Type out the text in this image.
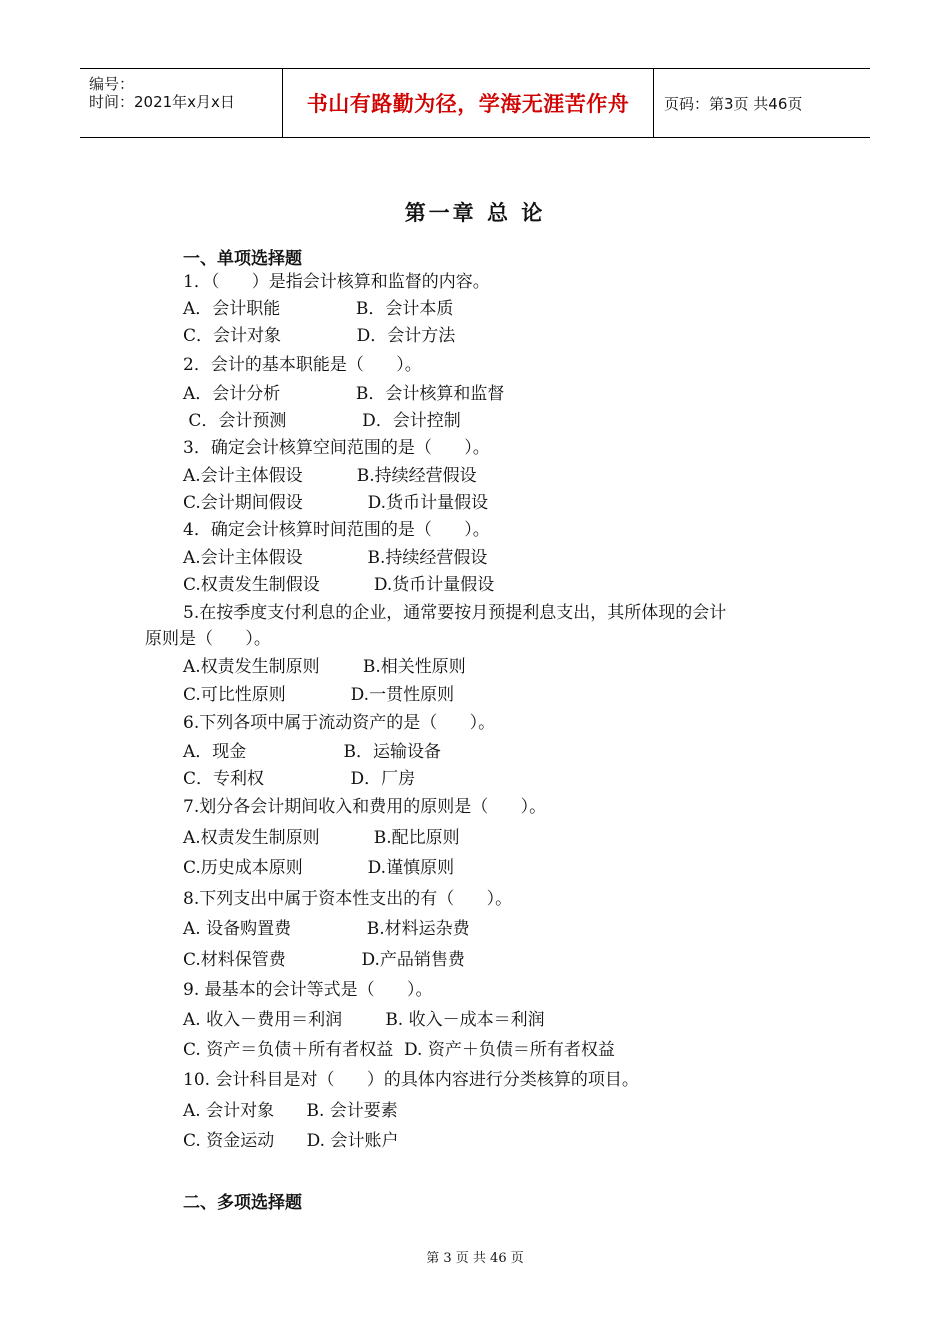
编号：
时间：2021年x月x日	书山有路勤为径，学海无涯苦作舟 页码：第3页 共46页
第一章 总 论
一、单项选择题
1．（      ）是指会计核算和监督的内容。
A．会计职能              B．会计本质
C．会计对象              D．会计方法
2．会计的基本职能是（      ）。
A．会计分析              B．会计核算和监督
C．会计预测              D．会计控制
3．确定会计核算空间范围的是（      ）。
A.会计主体假设          B.持续经营假设
C.会计期间假设            D.货币计量假设
4．确定会计核算时间范围的是（      ）。
A.会计主体假设            B.持续经营假设
C.权责发生制假设          D.货币计量假设
5.在按季度支付利息的企业，通常要按月预提利息支出，其所体现的会计
原则是（      ）。
A.权责发生制原则        B.相关性原则
C.可比性原则            D.一贯性原则
6.下列各项中属于流动资产的是（      ）。
A．现金                  B．运输设备
C．专利权                D．厂房
7.划分各会计期间收入和费用的原则是（      ）。
A.权责发生制原则          B.配比原则
C.历史成本原则            D.谨慎原则
8.下列支出中属于资本性支出的有（      ）。
A. 设备购置费              B.材料运杂费
C.材料保管费              D.产品销售费
9. 最基本的会计等式是（      ）。
A. 收入－费用＝利润        B. 收入－成本＝利润
C. 资产＝负债＋所有者权益  D. 资产＋负债＝所有者权益
10. 会计科目是对（      ）的具体内容进行分类核算的项目。
A. 会计对象      B. 会计要素
C. 资金运动      D. 会计账户
二、多项选择题
第 3 页 共 46 页
